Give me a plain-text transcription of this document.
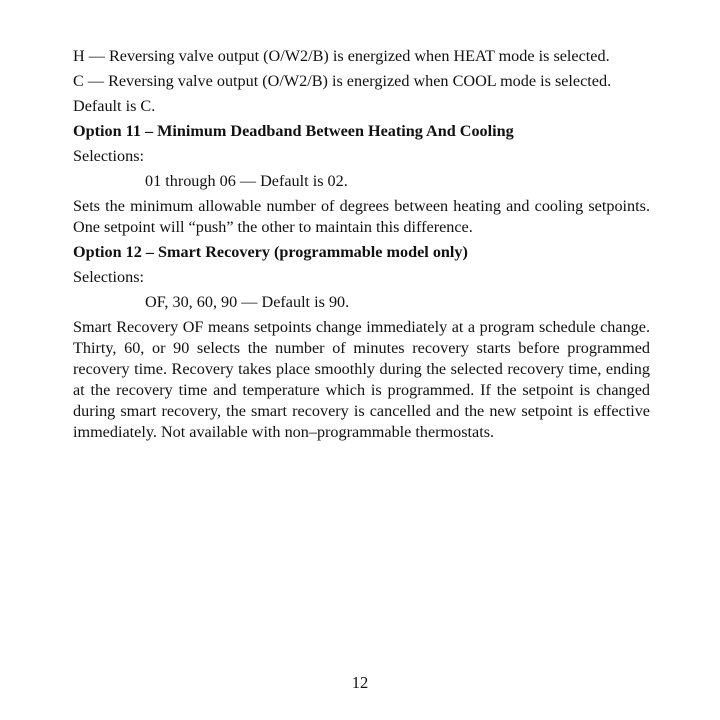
H — Reversing valve output (O/W2/B) is energized when HEAT mode is selected.

C — Reversing valve output (O/W2/B) is energized when COOL mode is selected.

Default is C.

Option 11 – Minimum Deadband Between Heating And Cooling

Selections:

01 through 06 — Default is 02.

Sets the minimum allowable number of degrees between heating and cooling setpoints. One setpoint will “push” the other to maintain this difference.

Option 12 – Smart Recovery (programmable model only)

Selections:

OF, 30, 60, 90 — Default is 90.

Smart Recovery OF means setpoints change immediately at a program schedule change. Thirty, 60, or 90 selects the number of minutes recovery starts before programmed recovery time. Recovery takes place smoothly during the selected recovery time, ending at the recovery time and temperature which is programmed. If the setpoint is changed during smart recovery, the smart recovery is cancelled and the new setpoint is effective immediately. Not available with non–programmable thermostats.

12
